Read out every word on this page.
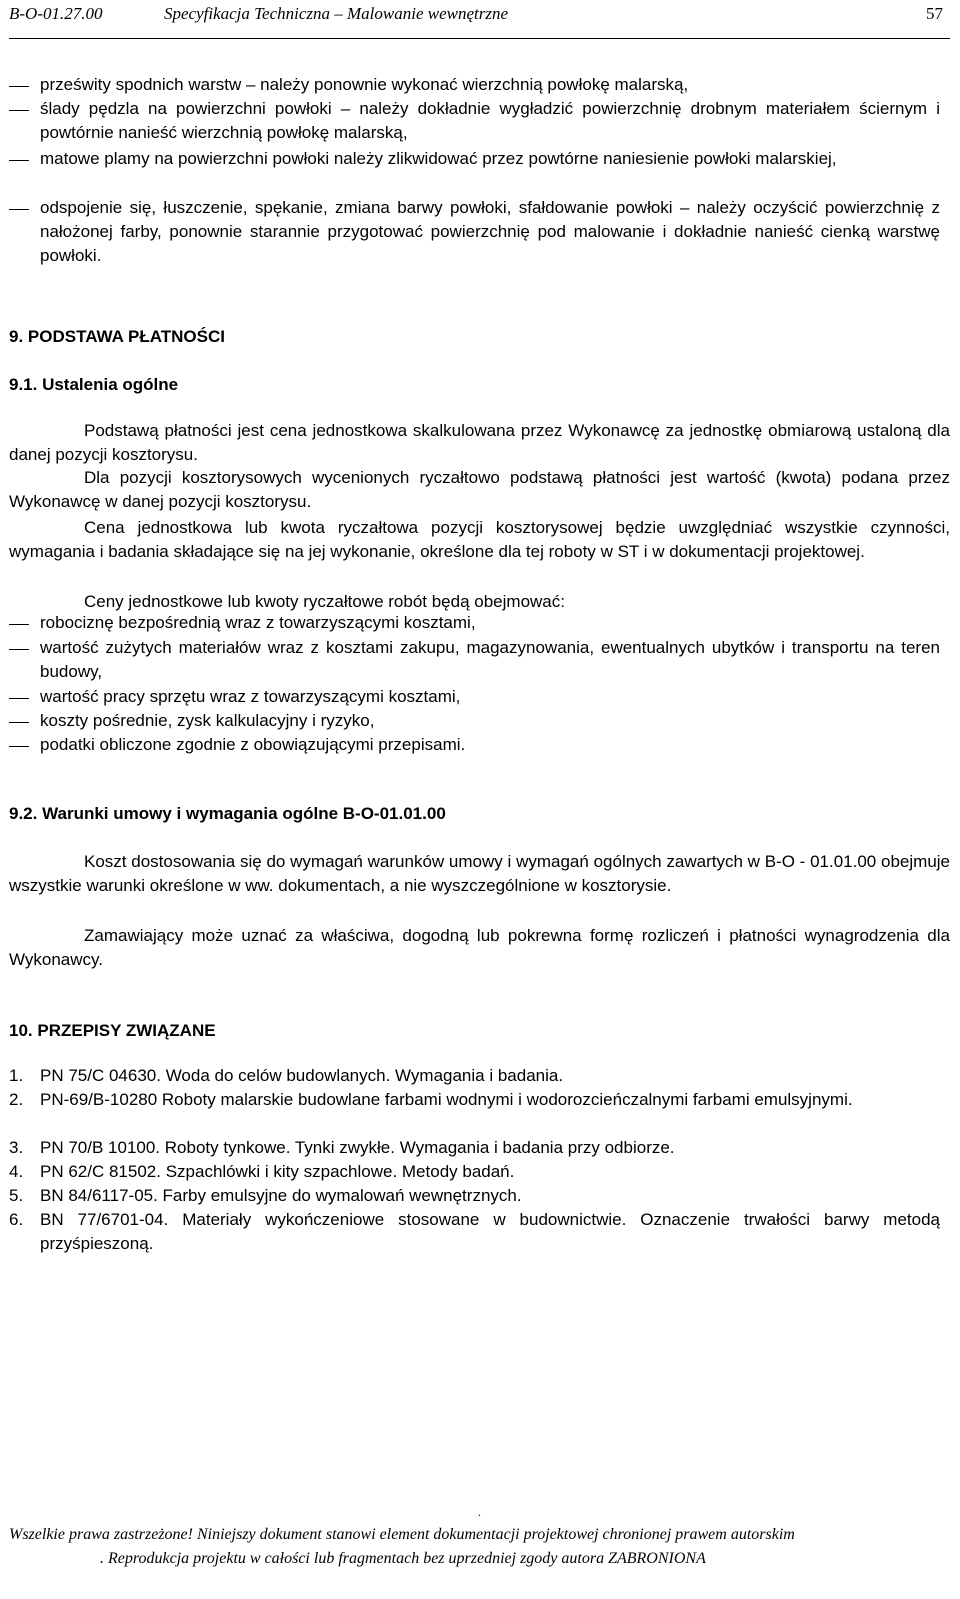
B-O-01.27.00	Specyfikacja Techniczna – Malowanie wewnętrzne	57

prześwity spodnich warstw – należy ponownie wykonać wierzchnią powłokę malarską,

ślady pędzla na powierzchni powłoki – należy dokładnie wygładzić powierzchnię drobnym materiałem ściernym i powtórnie nanieść wierzchnią powłokę malarską,

matowe plamy na powierzchni powłoki należy zlikwidować przez powtórne naniesienie powłoki malarskiej,

odspojenie się, łuszczenie, spękanie, zmiana barwy powłoki, sfałdowanie powłoki – należy oczyścić powierzchnię z nałożonej farby, ponownie starannie przygotować powierzchnię pod malowanie i dokładnie nanieść cienką warstwę powłoki.

9. PODSTAWA PŁATNOŚCI
9.1. Ustalenia ogólne

Podstawą płatności jest cena jednostkowa skalkulowana przez Wykonawcę za jednostkę obmiarową ustaloną dla danej pozycji kosztorysu.

Dla pozycji kosztorysowych wycenionych ryczałtowo podstawą płatności jest wartość (kwota) podana przez Wykonawcę w danej pozycji kosztorysu.

Cena jednostkowa lub kwota ryczałtowa pozycji kosztorysowej będzie uwzględniać wszystkie czynności, wymagania i badania składające się na jej wykonanie, określone dla tej roboty w ST i w dokumentacji projektowej.

Ceny jednostkowe lub kwoty ryczałtowe robót będą obejmować:

robociznę bezpośrednią wraz z towarzyszącymi kosztami,

wartość zużytych materiałów wraz z kosztami zakupu, magazynowania, ewentualnych ubytków i transportu na teren budowy,

wartość pracy sprzętu wraz z towarzyszącymi kosztami,

koszty pośrednie, zysk kalkulacyjny i ryzyko,

podatki obliczone zgodnie z obowiązującymi przepisami.

9.2. Warunki umowy i wymagania ogólne B-O-01.01.00

Koszt dostosowania się do wymagań warunków umowy i wymagań ogólnych zawartych w B-O - 01.01.00 obejmuje wszystkie warunki określone w ww. dokumentach, a nie wyszczególnione w kosztorysie.

Zamawiający może uznać za właściwa, dogodną lub pokrewna formę rozliczeń i płatności wynagrodzenia dla Wykonawcy.

10. PRZEPISY ZWIĄZANE
1. PN 75/C 04630. Woda do celów budowlanych. Wymagania i badania.

2. PN-69/B-10280 Roboty malarskie budowlane farbami wodnymi i wodorozcieńczalnymi farbami emulsyjnymi.

3. PN 70/B 10100. Roboty tynkowe. Tynki zwykłe. Wymagania i badania przy odbiorze.

4. PN 62/C 81502. Szpachlówki i kity szpachlowe. Metody badań.

5. BN 84/6117-05. Farby emulsyjne do wymalowań wewnętrznych.

6. BN 77/6701-04. Materiały wykończeniowe stosowane w budownictwie. Oznaczenie trwałości barwy metodą przyśpieszoną.

.
Wszelkie prawa zastrzeżone! Niniejszy dokument stanowi element dokumentacji projektowej chronionej prawem autorskim
. Reprodukcja projektu w całości lub fragmentach bez uprzedniej zgody autora ZABRONIONA
